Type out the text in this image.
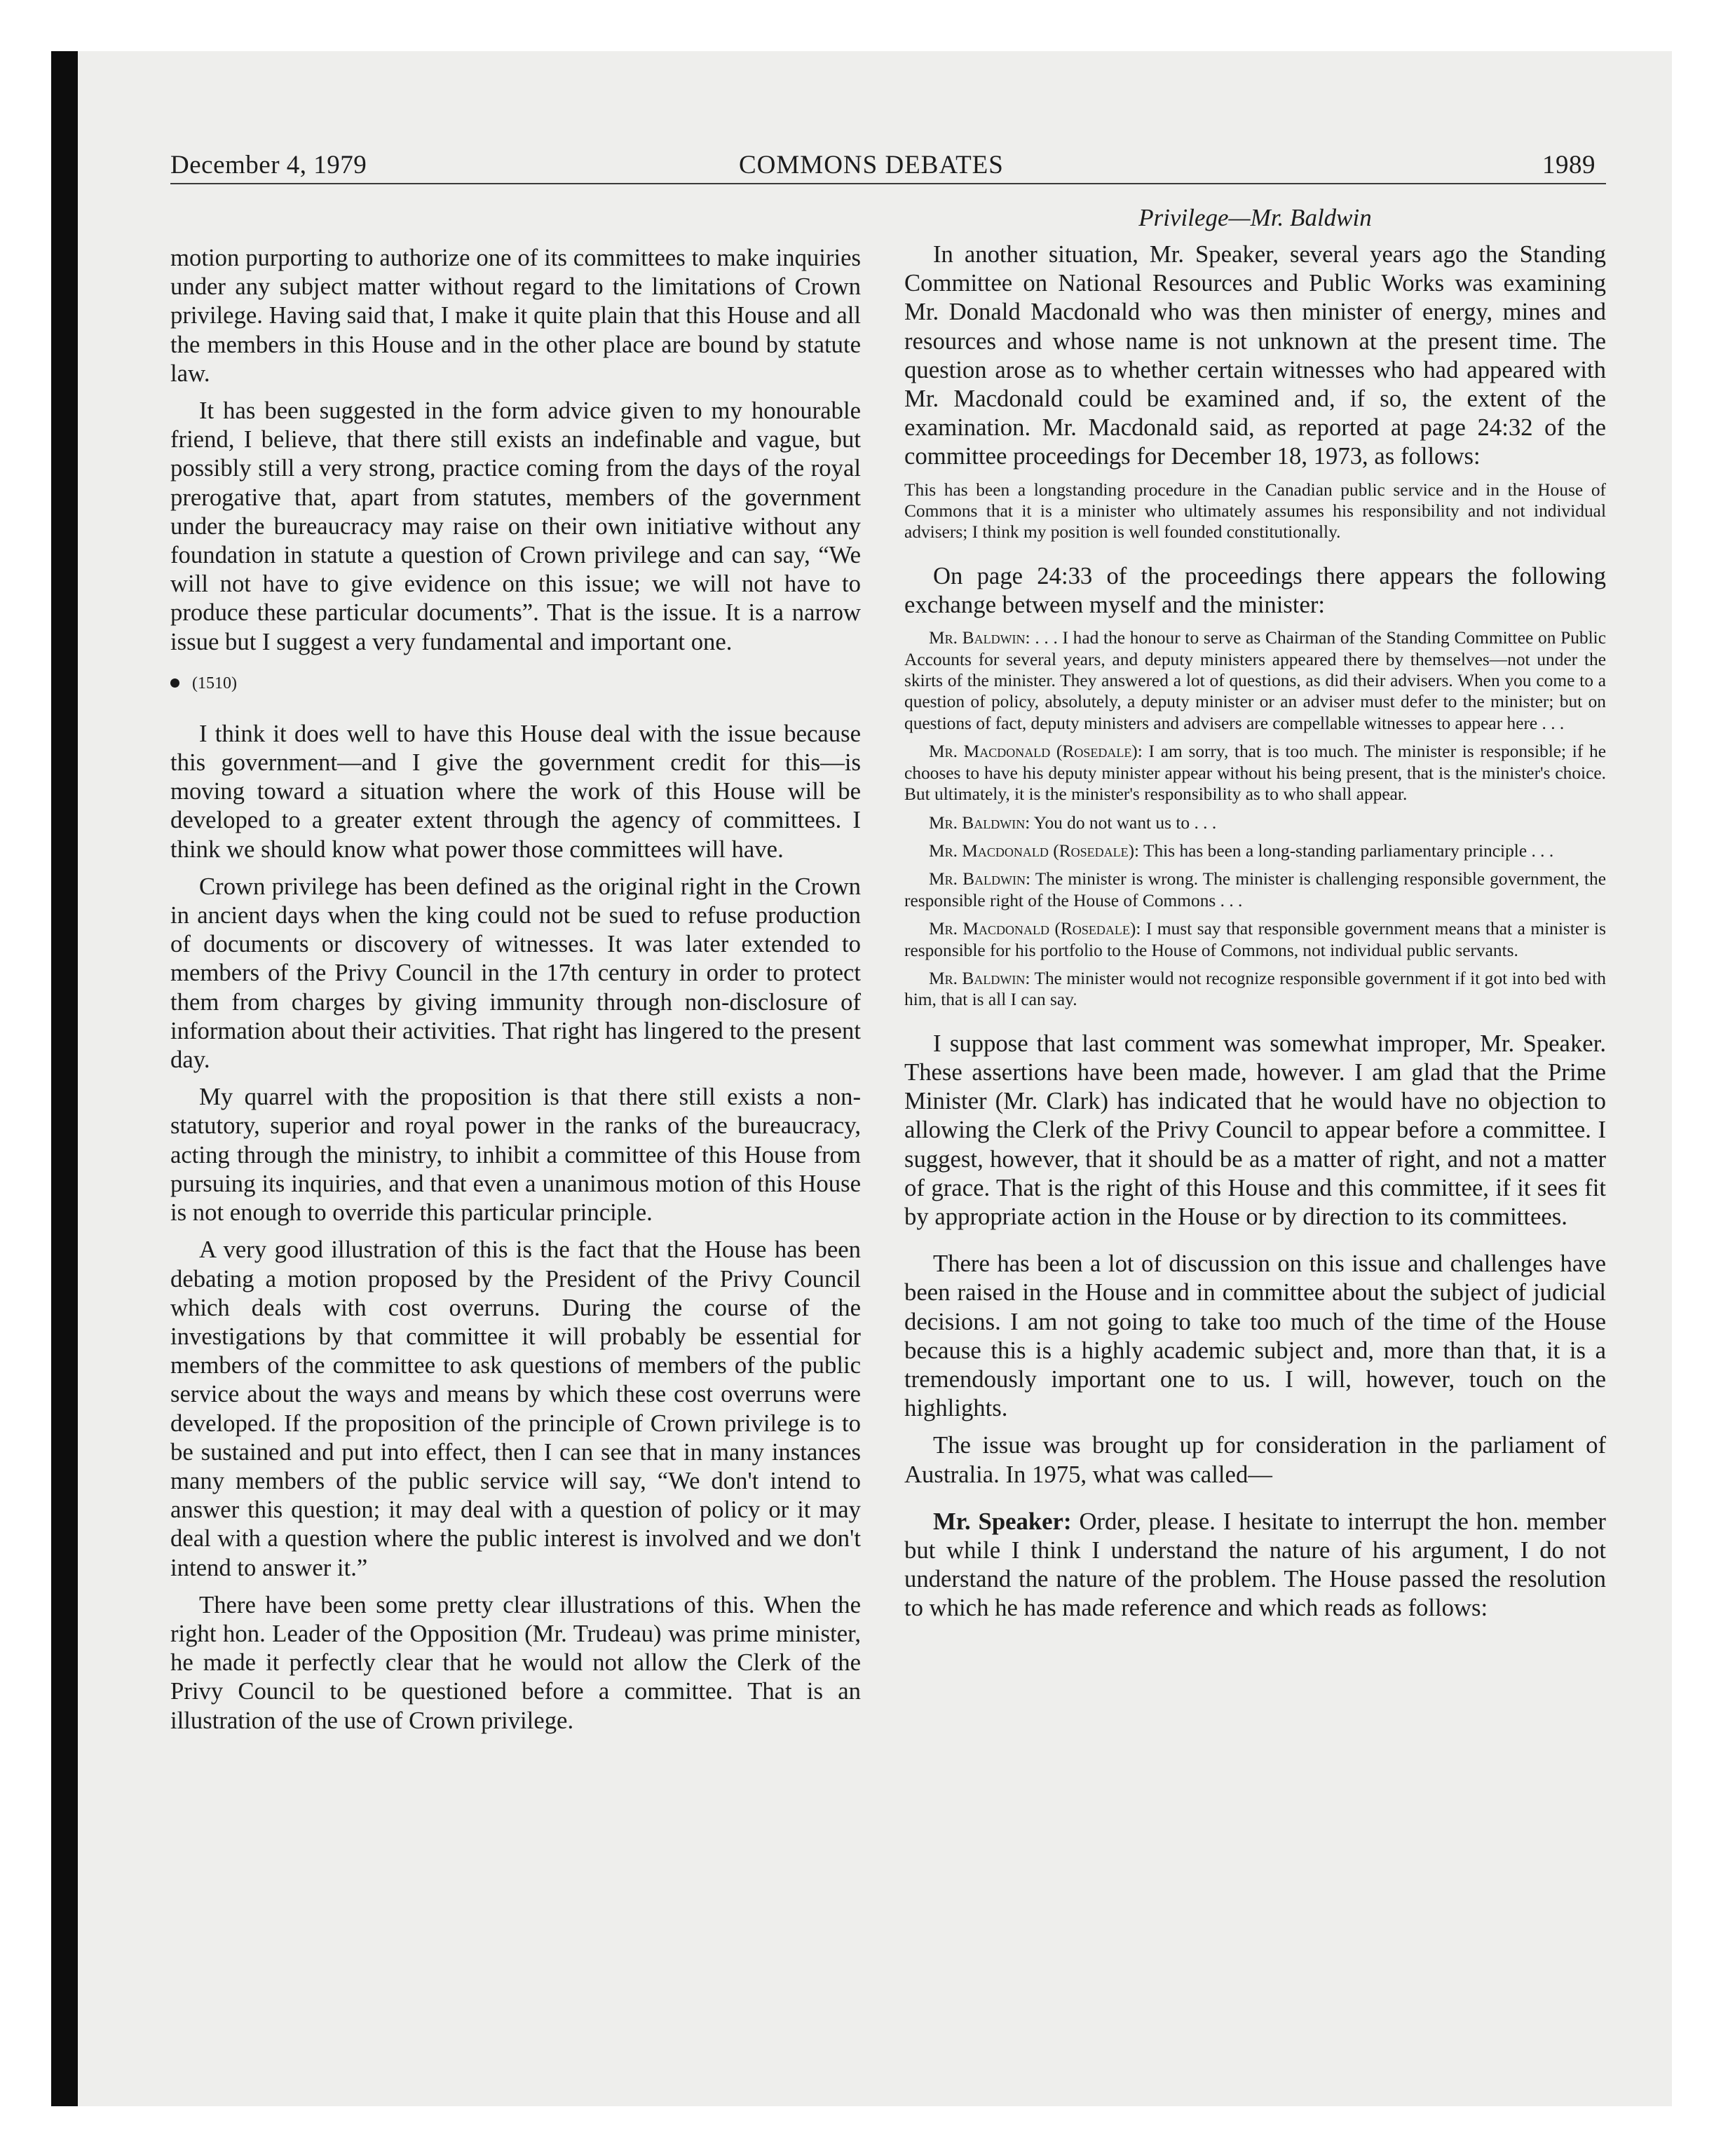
December 4, 1979	COMMONS DEBATES	1989

motion purporting to authorize one of its committees to make inquiries under any subject matter without regard to the limitations of Crown privilege. Having said that, I make it quite plain that this House and all the members in this House and in the other place are bound by statute law.

It has been suggested in the form advice given to my honourable friend, I believe, that there still exists an indefinable and vague, but possibly still a very strong, practice coming from the days of the royal prerogative that, apart from statutes, members of the government under the bureaucracy may raise on their own initiative without any foundation in statute a question of Crown privilege and can say, “We will not have to give evidence on this issue; we will not have to produce these particular documents”. That is the issue. It is a narrow issue but I suggest a very fundamental and important one.

(1510)

I think it does well to have this House deal with the issue because this government—and I give the government credit for this—is moving toward a situation where the work of this House will be developed to a greater extent through the agency of committees. I think we should know what power those committees will have.

Crown privilege has been defined as the original right in the Crown in ancient days when the king could not be sued to refuse production of documents or discovery of witnesses. It was later extended to members of the Privy Council in the 17th century in order to protect them from charges by giving immunity through non-disclosure of information about their activities. That right has lingered to the present day.

My quarrel with the proposition is that there still exists a non-statutory, superior and royal power in the ranks of the bureaucracy, acting through the ministry, to inhibit a committee of this House from pursuing its inquiries, and that even a unanimous motion of this House is not enough to override this particular principle.

A very good illustration of this is the fact that the House has been debating a motion proposed by the President of the Privy Council which deals with cost overruns. During the course of the investigations by that committee it will probably be essential for members of the committee to ask questions of members of the public service about the ways and means by which these cost overruns were developed. If the proposition of the principle of Crown privilege is to be sustained and put into effect, then I can see that in many instances many members of the public service will say, “We don't intend to answer this question; it may deal with a question of policy or it may deal with a question where the public interest is involved and we don't intend to answer it.”

There have been some pretty clear illustrations of this. When the right hon. Leader of the Opposition (Mr. Trudeau) was prime minister, he made it perfectly clear that he would not allow the Clerk of the Privy Council to be questioned before a committee. That is an illustration of the use of Crown privilege.

Privilege—Mr. Baldwin

In another situation, Mr. Speaker, several years ago the Standing Committee on National Resources and Public Works was examining Mr. Donald Macdonald who was then minister of energy, mines and resources and whose name is not unknown at the present time. The question arose as to whether certain witnesses who had appeared with Mr. Macdonald could be examined and, if so, the extent of the examination. Mr. Macdonald said, as reported at page 24:32 of the committee proceedings for December 18, 1973, as follows:

This has been a longstanding procedure in the Canadian public service and in the House of Commons that it is a minister who ultimately assumes his responsibility and not individual advisers; I think my position is well founded constitutionally.

On page 24:33 of the proceedings there appears the following exchange between myself and the minister:

Mr. Baldwin: . . . I had the honour to serve as Chairman of the Standing Committee on Public Accounts for several years, and deputy ministers appeared there by themselves—not under the skirts of the minister. They answered a lot of questions, as did their advisers. When you come to a question of policy, absolutely, a deputy minister or an adviser must defer to the minister; but on questions of fact, deputy ministers and advisers are compellable witnesses to appear here . . .

Mr. Macdonald (Rosedale): I am sorry, that is too much. The minister is responsible; if he chooses to have his deputy minister appear without his being present, that is the minister's choice. But ultimately, it is the minister's responsibility as to who shall appear.

Mr. Baldwin: You do not want us to . . .

Mr. Macdonald (Rosedale): This has been a long-standing parliamentary principle . . .

Mr. Baldwin: The minister is wrong. The minister is challenging responsible government, the responsible right of the House of Commons . . .

Mr. Macdonald (Rosedale): I must say that responsible government means that a minister is responsible for his portfolio to the House of Commons, not individual public servants.

Mr. Baldwin: The minister would not recognize responsible government if it got into bed with him, that is all I can say.

I suppose that last comment was somewhat improper, Mr. Speaker. These assertions have been made, however. I am glad that the Prime Minister (Mr. Clark) has indicated that he would have no objection to allowing the Clerk of the Privy Council to appear before a committee. I suggest, however, that it should be as a matter of right, and not a matter of grace. That is the right of this House and this committee, if it sees fit by appropriate action in the House or by direction to its committees.

There has been a lot of discussion on this issue and challenges have been raised in the House and in committee about the subject of judicial decisions. I am not going to take too much of the time of the House because this is a highly academic subject and, more than that, it is a tremendously important one to us. I will, however, touch on the highlights.

The issue was brought up for consideration in the parliament of Australia. In 1975, what was called—

Mr. Speaker: Order, please. I hesitate to interrupt the hon. member but while I think I understand the nature of his argument, I do not understand the nature of the problem. The House passed the resolution to which he has made reference and which reads as follows:
